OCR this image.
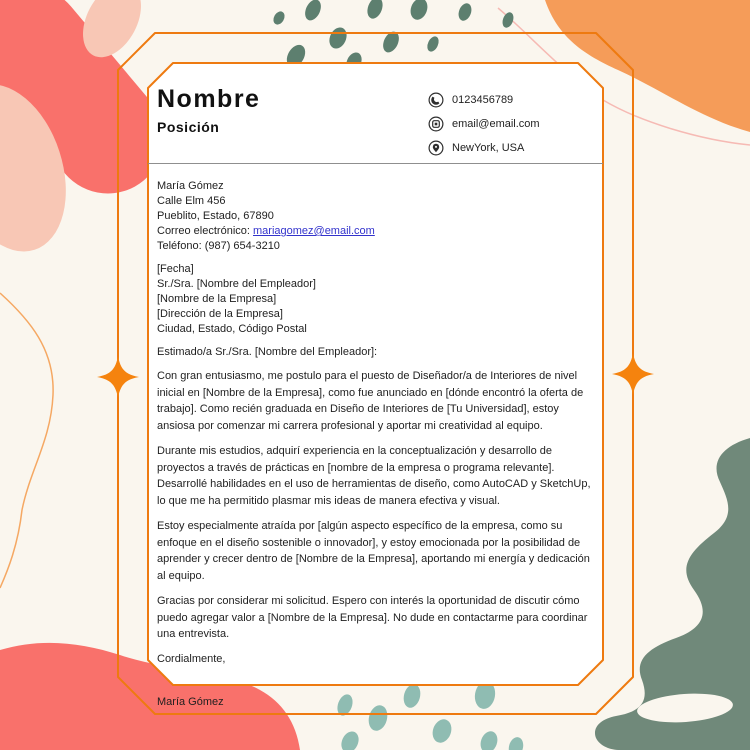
Nombre
Posición
0123456789
email@email.com
NewYork, USA
María Gómez
Calle Elm 456
Pueblito, Estado, 67890
Correo electrónico: mariagomez@email.com
Teléfono: (987) 654-3210
[Fecha]
Sr./Sra. [Nombre del Empleador]
[Nombre de la Empresa]
[Dirección de la Empresa]
Ciudad, Estado, Código Postal

Estimado/a Sr./Sra. [Nombre del Empleador]:

Con gran entusiasmo, me postulo para el puesto de Diseñador/a de Interiores de nivel inicial en [Nombre de la Empresa], como fue anunciado en [dónde encontró la oferta de trabajo]. Como recién graduada en Diseño de Interiores de [Tu Universidad], estoy ansiosa por comenzar mi carrera profesional y aportar mi creatividad al equipo.

Durante mis estudios, adquirí experiencia en la conceptualización y desarrollo de proyectos a través de prácticas en [nombre de la empresa o programa relevante]. Desarrollé habilidades en el uso de herramientas de diseño, como AutoCAD y SketchUp, lo que me ha permitido plasmar mis ideas de manera efectiva y visual.

Estoy especialmente atraída por [algún aspecto específico de la empresa, como su enfoque en el diseño sostenible o innovador], y estoy emocionada por la posibilidad de aprender y crecer dentro de [Nombre de la Empresa], aportando mi energía y dedicación al equipo.

Gracias por considerar mi solicitud. Espero con interés la oportunidad de discutir cómo puedo agregar valor a [Nombre de la Empresa]. No dude en contactarme para coordinar una entrevista.

Cordialmente,

María Gómez
